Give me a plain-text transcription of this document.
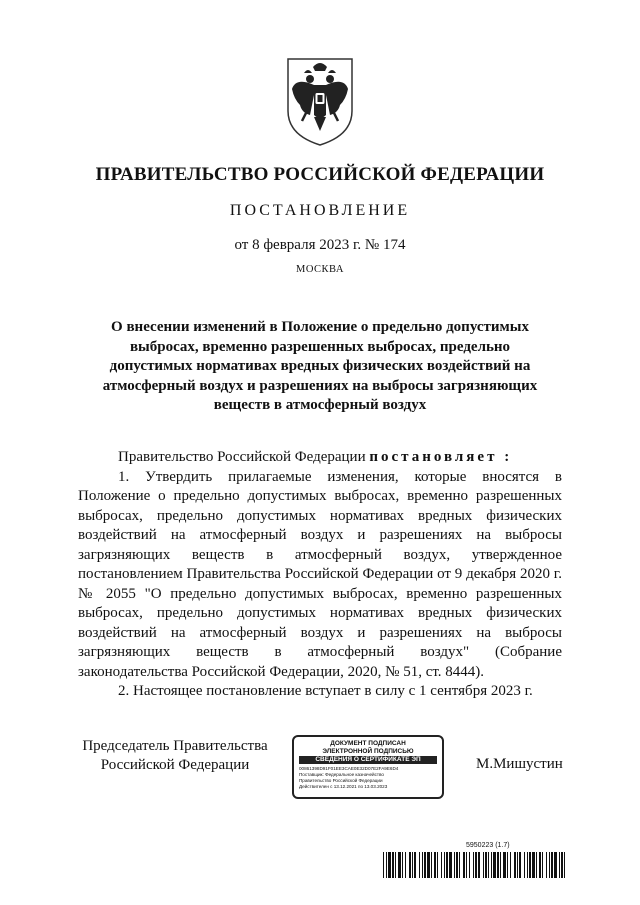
ПРАВИТЕЛЬСТВО РОССИЙСКОЙ ФЕДЕРАЦИИ
ПОСТАНОВЛЕНИЕ
от 8 февраля 2023 г. № 174
МОСКВА
О внесении изменений в Положение о предельно допустимых выбросах, временно разрешенных выбросах, предельно допустимых нормативах вредных физических воздействий на атмосферный воздух и разрешениях на выбросы загрязняющих веществ в атмосферный воздух

Правительство Российской Федерации постановляет :

1. Утвердить прилагаемые изменения, которые вносятся в Положение о предельно допустимых выбросах, временно разрешенных выбросах, предельно допустимых нормативах вредных физических воздействий на атмосферный воздух и разрешениях на выбросы загрязняющих веществ в атмосферный воздух, утвержденное постановлением Правительства Российской Федерации от 9 декабря 2020 г. № 2055 "О предельно допустимых выбросах, временно разрешенных выбросах, предельно допустимых нормативах вредных физических воздействий на атмосферный воздух и разрешениях на выбросы загрязняющих веществ в атмосферный воздух" (Собрание законодательства Российской Федерации, 2020, № 51, ст. 8444).

2. Настоящее постановление вступает в силу с 1 сентября 2023 г.

Председатель Правительства
Российской Федерации
ДОКУМЕНТ ПОДПИСАН
ЭЛЕКТРОННОЙ ПОДПИСЬЮ
СВЕДЕНИЯ О СЕРТИФИКАТЕ ЭП
00861398D91F01EE3CAE0E32D07E2FA9E6D4
Поставщик: Федеральное казначейство
Правительство Российской Федерации
Действителен с 13.12.2021 по 13.03.2023
М.Мишустин
5950223 (1.7)
